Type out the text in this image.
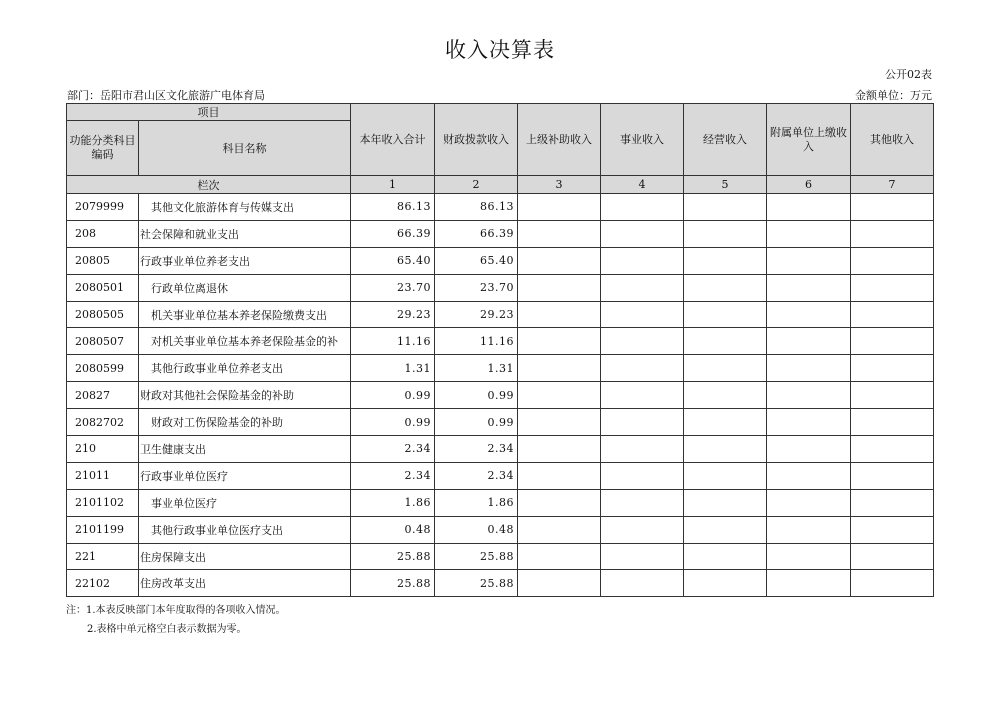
收入决算表
公开02表
部门：岳阳市君山区文化旅游广电体育局	金额单位：万元
项目		本年收入合计	财政拨款收入	上级补助收入	事业收入	经营收入	附属单位上缴收入	其他收入
功能分类科目编码	科目名称							
栏次		1	2	3	4	5	6	7
2079999	其他文化旅游体育与传媒支出	86.13	86.13					
208	社会保障和就业支出	66.39	66.39					
20805	行政事业单位养老支出	65.40	65.40					
2080501	行政单位离退休	23.70	23.70					
2080505	机关事业单位基本养老保险缴费支出	29.23	29.23					
2080507	对机关事业单位基本养老保险基金的补	11.16	11.16					
2080599	其他行政事业单位养老支出	1.31	1.31					
20827	财政对其他社会保险基金的补助	0.99	0.99					
2082702	财政对工伤保险基金的补助	0.99	0.99					
210	卫生健康支出	2.34	2.34					
21011	行政事业单位医疗	2.34	2.34					
2101102	事业单位医疗	1.86	1.86					
2101199	其他行政事业单位医疗支出	0.48	0.48					
221	住房保障支出	25.88	25.88					
22102	住房改革支出	25.88	25.88					
注：1.本表反映部门本年度取得的各项收入情况。
2.表格中单元格空白表示数据为零。
